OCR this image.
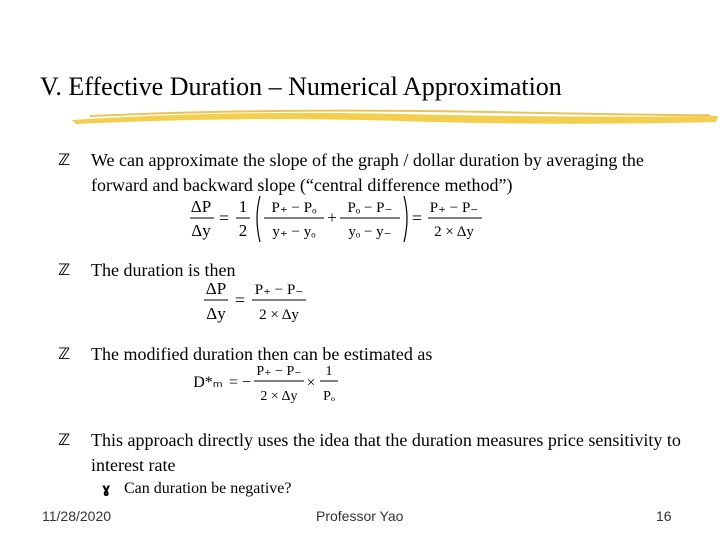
V. Effective Duration – Numerical Approximation
ℤ	We can approximate the slope of the graph / dollar duration by averaging the forward and backward slope (“central difference method”)
ΔP
Δy
=
1
2
P₊ − Pₒ
y₊ − yₒ
+ Pₒ − P₋
yₒ − y₋
= P₊ − P₋
2 × Δy
ℤ	The duration is then
ΔP
Δy
= P₊ − P₋
2 × Δy
ℤ	The modified duration then can be estimated as
D*ₘ = −
P₊ − P₋
2 × Δy
×
1
Pₒ
ℤ	This approach directly uses the idea that the duration measures price sensitivity to interest rate
ɣ Can duration be negative?
11/28/2020	Professor Yao	16
